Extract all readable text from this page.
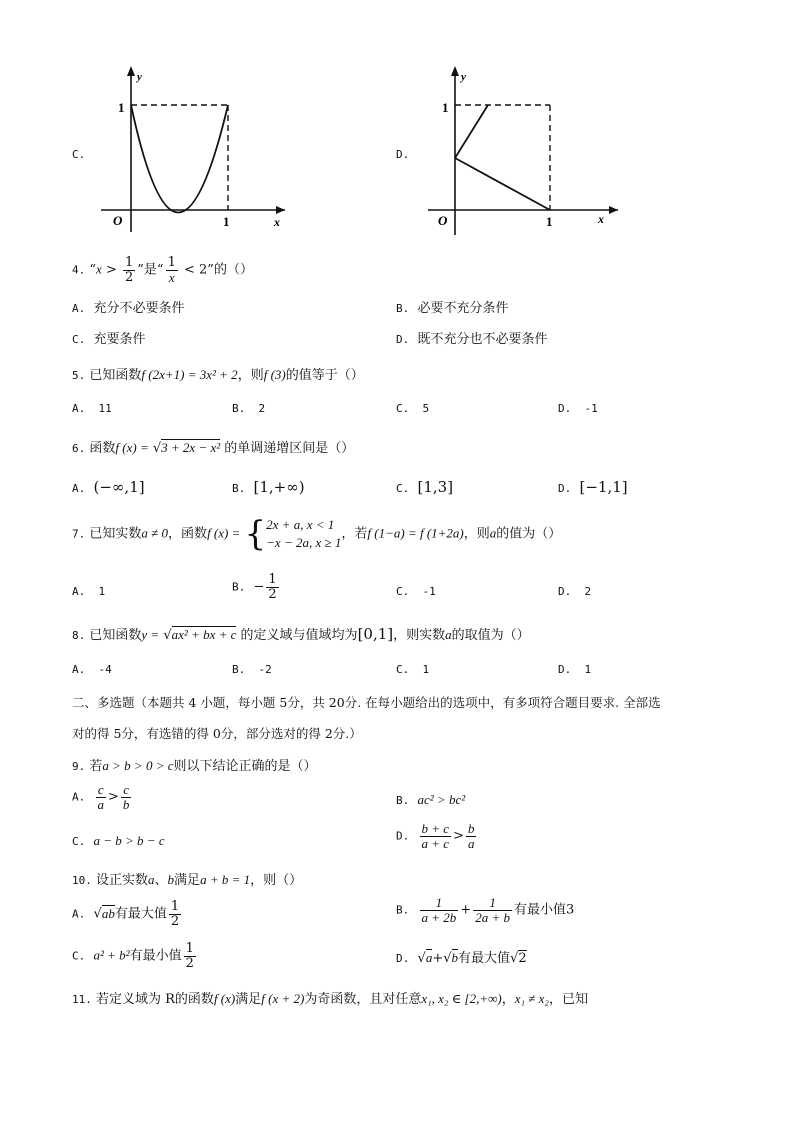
C.
y
x
O
1
1
D.
y
x
O
1
1
4. “$x > \frac{1}{2}$ ”是“ $\frac{1}{x} < 2$”的（）
A. 充分不必要条件	B. 必要不充分条件
C. 充要条件	D. 既不充分也不必要条件
5. 已知函数f (2x+1) = 3x² + 2，则f (3)的值等于（）
A. 11	B. 2	C. 5	D. -1
6. 函数f (x) = √3 + 2x − x² 的单调递增区间是（）
A. (−∞,1]	B. [1,+∞)	C. [1,3]	D. [−1,1]
7. 已知实数a ≠ 0，函数f (x) = { 2x + a, x < 1
−x − 2a, x ≥ 1
，若f (1−a) = f (1+2a)，则a的值为（）
A. 1	B. − $\frac{1}{2}$	C. -1	D. 2
8. 已知函数y = √ax² + bx + c 的定义域与值域均为[0,1]，则实数a的取值为（）
A. -4	B. -2	C. 1	D. 1
二、多选题（本题共 4 小题，每小题 5分，共 20分. 在每小题给出的选项中，有多项符合题目要求. 全部选
对的得 5分，有选错的得 0分，部分选对的得 2分.）
9. 若a > b > 0 > c则以下结论正确的是（）
A. $\frac{c}{a} > \frac{c}{b}$	B. ac² > bc²
C. a − b > b − c	D. $\frac{b + c}{a + c} > \frac{b}{a}$
10. 设正实数a、b满足a + b = 1，则（）
A. √ab有最大值 $\frac{1}{2}$	B. $\frac{1}{a + 2b} + \frac{1}{2a + b}$ 有最小值3
C. a² + b²有最小值 $\frac{1}{2}$	D. √a+√b有最大值√2
11. 若定义域为 R的函数f (x)满足f (x + 2)为奇函数，且对任意x₁, x₂ ∈ [2,+∞)，x₁ ≠ x₂，已知
